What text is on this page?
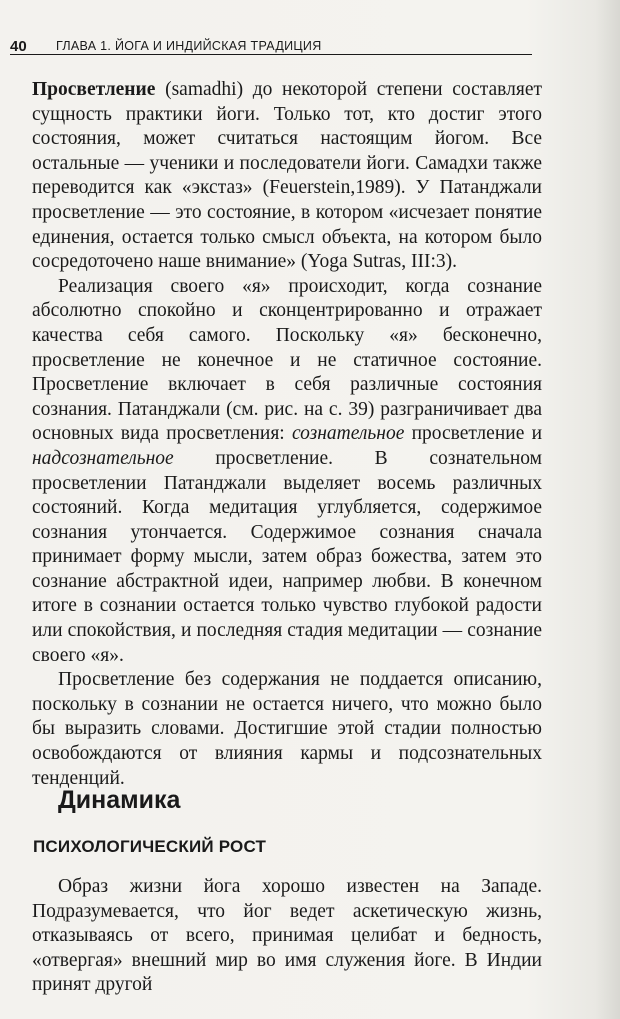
40 ГЛАВА 1. ЙОГА И ИНДИЙСКАЯ ТРАДИЦИЯ

Просветление (samadhi) до некоторой степени составляет сущность практики йоги. Только тот, кто достиг этого состояния, может считаться настоящим йогом. Все остальные — ученики и последователи йоги. Самадхи также переводится как «экстаз» (Feuerstein,1989). У Патанджали просветление — это состояние, в котором «исчезает понятие единения, остается только смысл объекта, на котором было сосредоточено наше внимание» (Yoga Sutras, III:3).

Реализация своего «я» происходит, когда сознание абсолютно спокойно и сконцентрированно и отражает качества себя самого. Поскольку «я» бесконечно, просветление не конечное и не статичное состояние. Просветление включает в себя различные состояния сознания. Патанджали (см. рис. на с. 39) разграничивает два основных вида просветления: сознательное просветление и надсознательное просветление. В сознательном просветлении Патанджали выделяет восемь различных состояний. Когда медитация углубляется, содержимое сознания утончается. Содержимое сознания сначала принимает форму мысли, затем образ божества, затем это сознание абстрактной идеи, например любви. В конечном итоге в сознании остается только чувство глубокой радости или спокойствия, и последняя стадия медитации — сознание своего «я».

Просветление без содержания не поддается описанию, поскольку в сознании не остается ничего, что можно было бы выразить словами. Достигшие этой стадии полностью освобождаются от влияния кармы и подсознательных тенденций.

Динамика
ПСИХОЛОГИЧЕСКИЙ РОСТ

Образ жизни йога хорошо известен на Западе. Подразумевается, что йог ведет аскетическую жизнь, отказываясь от всего, принимая целибат и бедность, «отвергая» внешний мир во имя служения йоге. В Индии принят другой
